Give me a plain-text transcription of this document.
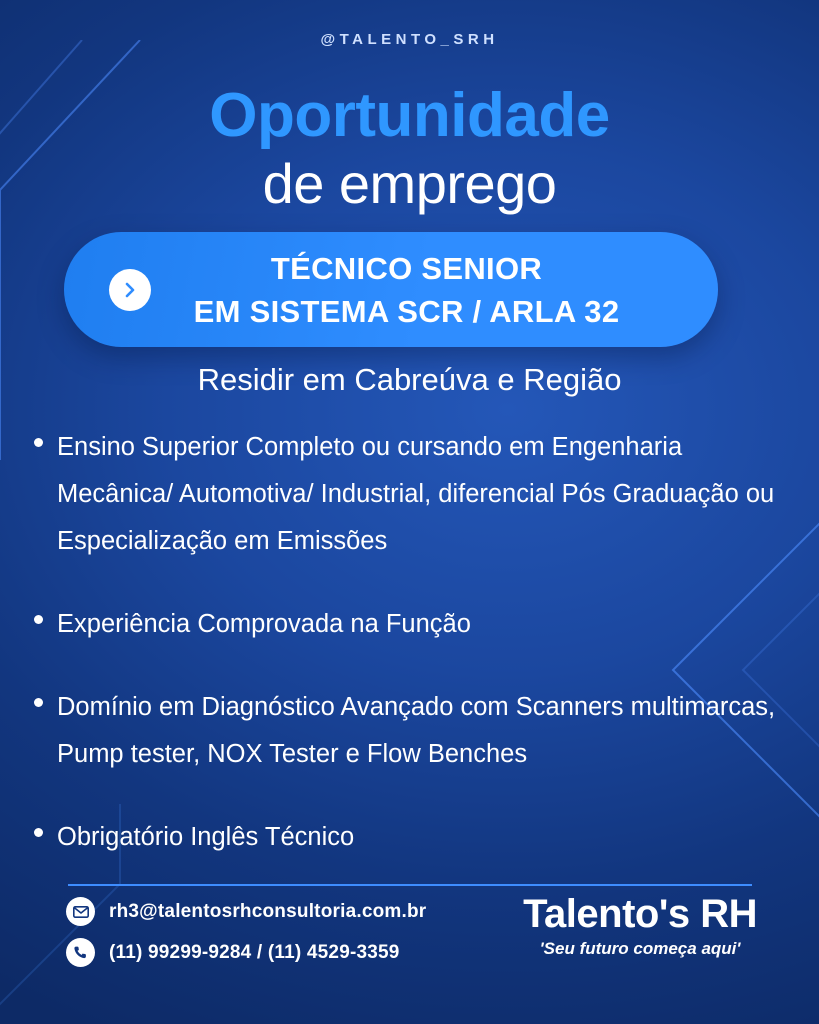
@TALENTO_SRH
Oportunidade
de emprego
TÉCNICO SENIOR
EM SISTEMA SCR / ARLA 32
Residir em Cabreúva e Região
Ensino Superior Completo ou cursando em Engenharia Mecânica/ Automotiva/ Industrial, diferencial Pós Graduação ou Especialização em Emissões
Experiência Comprovada na Função
Domínio em Diagnóstico Avançado com Scanners multimarcas, Pump tester, NOX Tester e Flow Benches
Obrigatório Inglês Técnico
rh3@talentosrhconsultoria.com.br
(11) 99299-9284 / (11) 4529-3359
Talento's RH
'Seu futuro começa aqui'
